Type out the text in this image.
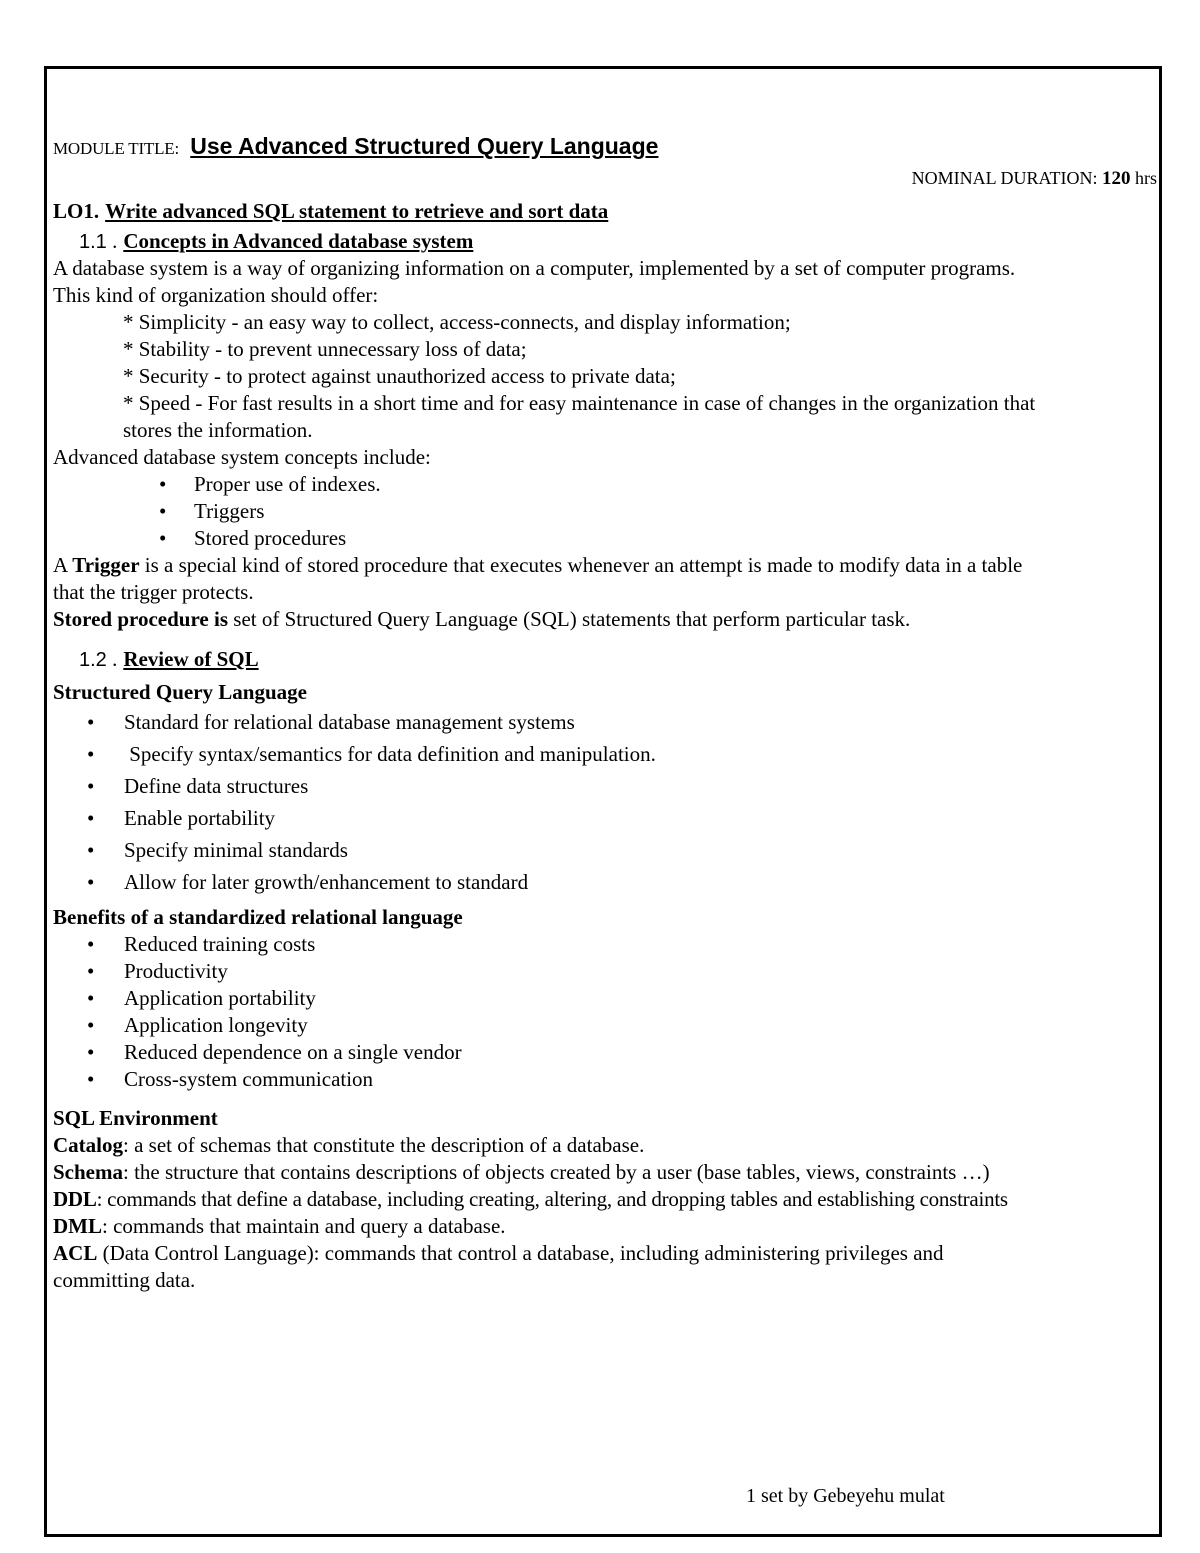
MODULE TITLE: Use Advanced Structured Query Language
NOMINAL DURATION: 120 hrs
LO1. Write advanced SQL statement to retrieve and sort data
1.1 . Concepts in Advanced database system

A database system is a way of organizing information on a computer, implemented by a set of computer programs.

This kind of organization should offer:

* Simplicity - an easy way to collect, access-connects, and display information;

* Stability - to prevent unnecessary loss of data;

* Security - to protect against unauthorized access to private data;

* Speed - For fast results in a short time and for easy maintenance in case of changes in the organization that

stores the information.

Advanced database system concepts include:

• Proper use of indexes.
• Triggers
• Stored procedures

A Trigger is a special kind of stored procedure that executes whenever an attempt is made to modify data in a table

that the trigger protects.

Stored procedure is set of Structured Query Language (SQL) statements that perform particular task.

1.2 . Review of SQL

Structured Query Language

• Standard for relational database management systems
• Specify syntax/semantics for data definition and manipulation.
• Define data structures
• Enable portability
• Specify minimal standards
• Allow for later growth/enhancement to standard

Benefits of a standardized relational language

• Reduced training costs
• Productivity
• Application portability
• Application longevity
• Reduced dependence on a single vendor
• Cross-system communication

SQL Environment

Catalog: a set of schemas that constitute the description of a database.

Schema: the structure that contains descriptions of objects created by a user (base tables, views, constraints …)

DDL: commands that define a database, including creating, altering, and dropping tables and establishing constraints

DML: commands that maintain and query a database.

ACL (Data Control Language): commands that control a database, including administering privileges and

committing data.

1 set by Gebeyehu mulat
